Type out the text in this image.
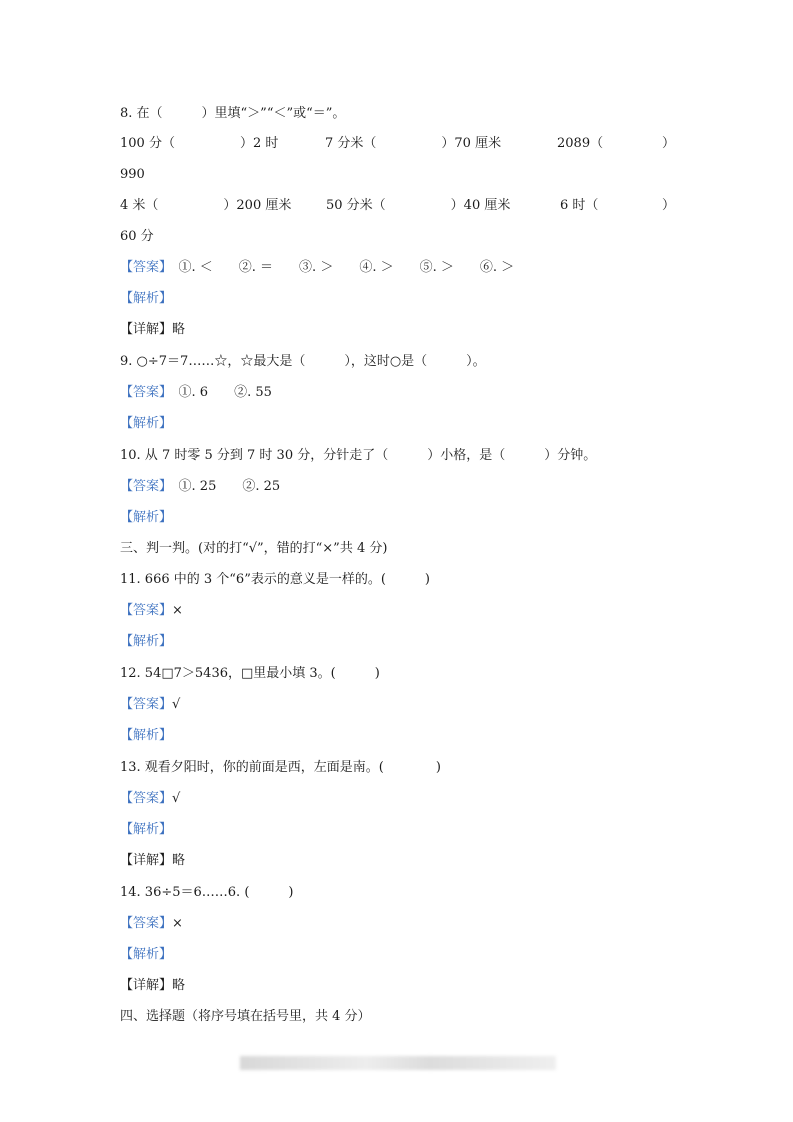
8. 在（　　　）里填“＞”“＜”或“＝”。
100 分（　　　　　）2 时	7 分米（　　　　　）70 厘米	2089（	）
990
4 米（　　　　　）200 厘米	50 分米（　　　　　）40 厘米	6 时（	）
60 分
【答案】　 ①. ＜　　②. ＝　　③. ＞　　④. ＞　　⑤. ＞　　⑥. ＞
【解析】
【详解】略
9. ○÷7＝7……☆，☆最大是（　　　），这时○是（　　　）。
【答案】　 ①. 6　　②. 55
【解析】
10. 从 7 时零 5 分到 7 时 30 分，分针走了（　　　）小格，是（　　　）分钟。
【答案】　 ①. 25　　②. 25
【解析】
三、判一判。(对的打“√”，错的打“×”共 4 分)
11. 666 中的 3 个“6”表示的意义是一样的。(　　　)
【答案】×
【解析】
12. 54□7＞5436，□里最小填 3。(　　　)
【答案】√
【解析】
13. 观看夕阳时，你的前面是西，左面是南。(　　　　)
【答案】√
【解析】
【详解】略
14. 36÷5＝6……6. (　　　)
【答案】×
【解析】
【详解】略
四、选择题（将序号填在括号里，共 4 分）
